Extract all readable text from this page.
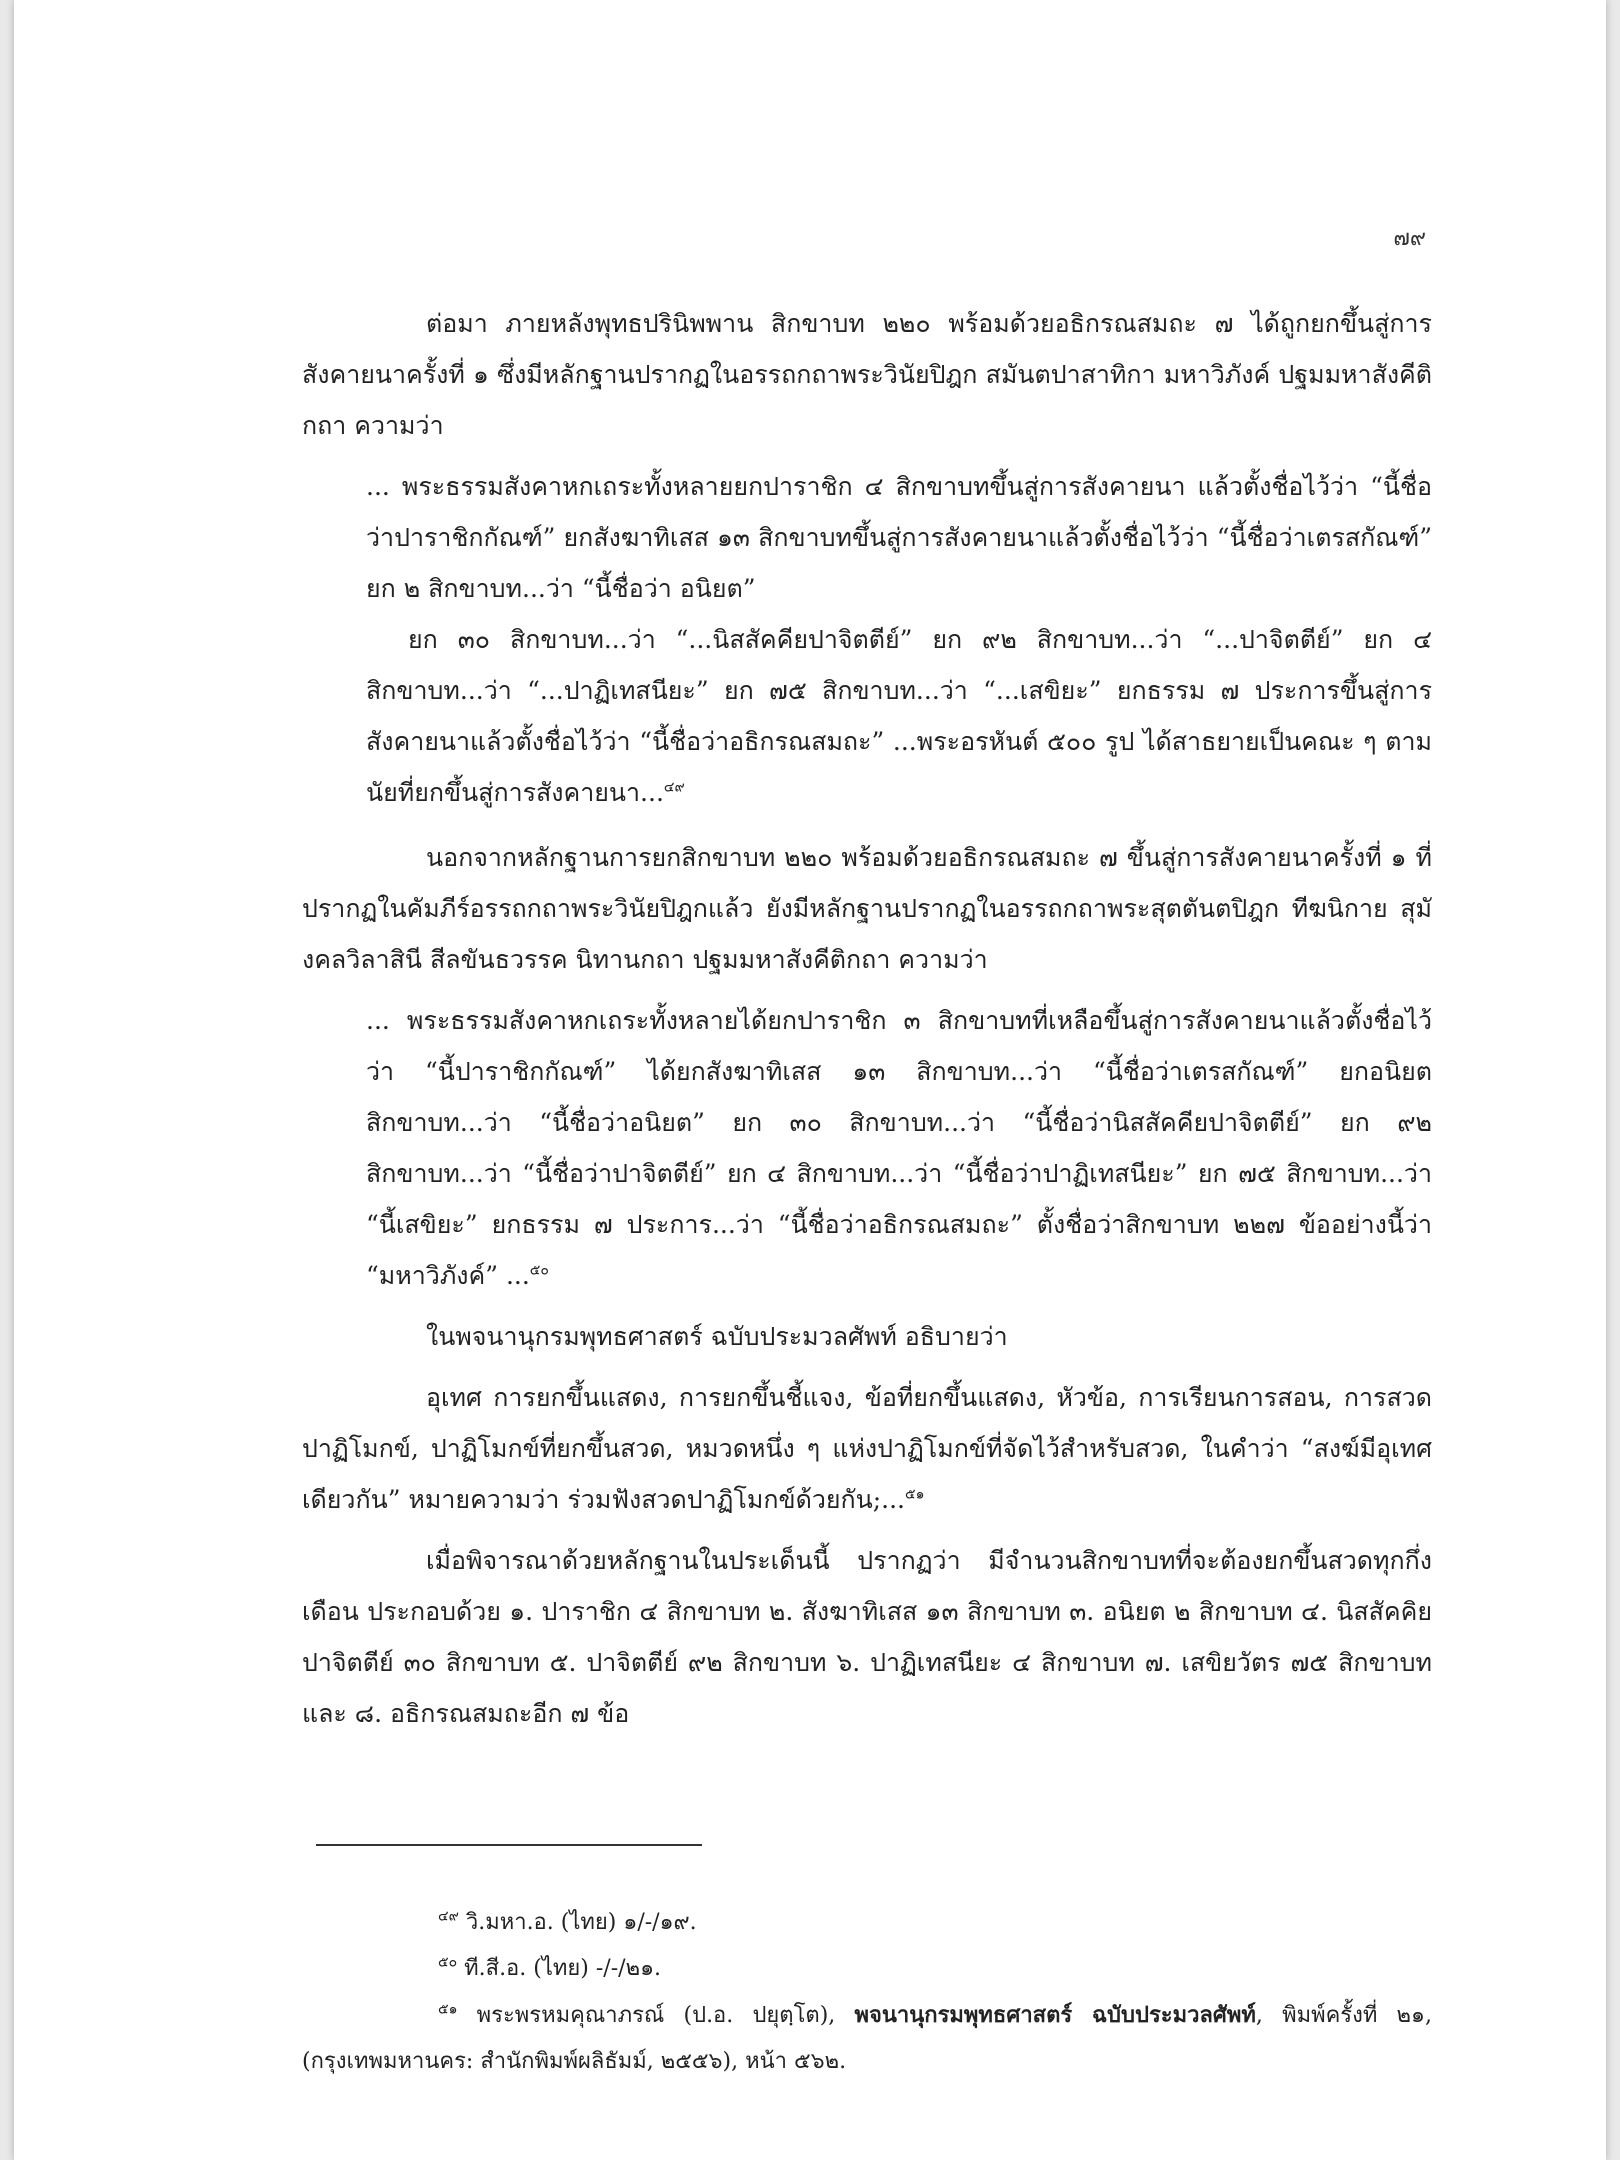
๗๙

ต่อมา ภายหลังพุทธปรินิพพาน สิกขาบท ๒๒๐ พร้อมด้วยอธิกรณสมถะ ๗ ได้ถูกยกขึ้นสู่การสังคายนาครั้งที่ ๑ ซึ่งมีหลักฐานปรากฏในอรรถกถาพระวินัยปิฎก สมันตปาสาทิกา มหาวิภังค์ ปฐมมหาสังคีติกถา ความว่า

... พระธรรมสังคาหกเถระทั้งหลายยกปาราชิก ๔ สิกขาบทขึ้นสู่การสังคายนา แล้วตั้งชื่อไว้ว่า “นี้ชื่อว่าปาราชิกกัณฑ์” ยกสังฆาทิเสส ๑๓ สิกขาบทขึ้นสู่การสังคายนาแล้วตั้งชื่อไว้ว่า “นี้ชื่อว่าเตรสกัณฑ์” ยก ๒ สิกขาบท...ว่า “นี้ชื่อว่า อนิยต”

ยก ๓๐ สิกขาบท...ว่า “...นิสสัคคียปาจิตตีย์” ยก ๙๒ สิกขาบท...ว่า “...ปาจิตตีย์” ยก ๔ สิกขาบท...ว่า “...ปาฏิเทสนียะ” ยก ๗๕ สิกขาบท...ว่า “...เสขิยะ” ยกธรรม ๗ ประการขึ้นสู่การสังคายนาแล้วตั้งชื่อไว้ว่า “นี้ชื่อว่าอธิกรณสมถะ” ...พระอรหันต์ ๕๐๐ รูป ได้สาธยายเป็นคณะ ๆ ตามนัยที่ยกขึ้นสู่การสังคายนา...$^{๔๙}$

นอกจากหลักฐานการยกสิกขาบท ๒๒๐ พร้อมด้วยอธิกรณสมถะ ๗ ขึ้นสู่การสังคายนาครั้งที่ ๑ ที่ปรากฏในคัมภีร์อรรถกถาพระวินัยปิฎกแล้ว ยังมีหลักฐานปรากฏในอรรถกถาพระสุตตันตปิฎก ทีฆนิกาย สุมังคลวิลาสินี สีลขันธวรรค นิทานกถา ปฐมมหาสังคีติกถา ความว่า

... พระธรรมสังคาหกเถระทั้งหลายได้ยกปาราชิก ๓ สิกขาบทที่เหลือขึ้นสู่การสังคายนาแล้วตั้งชื่อไว้ว่า “นี้ปาราชิกกัณฑ์” ได้ยกสังฆาทิเสส ๑๓ สิกขาบท...ว่า “นี้ชื่อว่าเตรสกัณฑ์” ยกอนิยตสิกขาบท...ว่า “นี้ชื่อว่าอนิยต” ยก ๓๐ สิกขาบท...ว่า “นี้ชื่อว่านิสสัคคียปาจิตตีย์” ยก ๙๒ สิกขาบท...ว่า “นี้ชื่อว่าปาจิตตีย์” ยก ๔ สิกขาบท...ว่า “นี้ชื่อว่าปาฏิเทสนียะ” ยก ๗๕ สิกขาบท...ว่า “นี้เสขิยะ” ยกธรรม ๗ ประการ...ว่า “นี้ชื่อว่าอธิกรณสมถะ” ตั้งชื่อว่าสิกขาบท ๒๒๗ ข้ออย่างนี้ว่า “มหาวิภังค์” ...$^{๕๐}$

ในพจนานุกรมพุทธศาสตร์ ฉบับประมวลศัพท์ อธิบายว่า

อุเทศ การยกขึ้นแสดง, การยกขึ้นชี้แจง, ข้อที่ยกขึ้นแสดง, หัวข้อ, การเรียนการสอน, การสวดปาฏิโมกข์, ปาฏิโมกข์ที่ยกขึ้นสวด, หมวดหนึ่ง ๆ แห่งปาฏิโมกข์ที่จัดไว้สำหรับสวด, ในคำว่า “สงฆ์มีอุเทศเดียวกัน” หมายความว่า ร่วมฟังสวดปาฏิโมกข์ด้วยกัน;...$^{๕๑}$

เมื่อพิจารณาด้วยหลักฐานในประเด็นนี้ ปรากฏว่า มีจำนวนสิกขาบทที่จะต้องยกขึ้นสวดทุกกึ่งเดือน ประกอบด้วย ๑. ปาราชิก ๔ สิกขาบท ๒. สังฆาทิเสส ๑๓ สิกขาบท ๓. อนิยต ๒ สิกขาบท ๔. นิสสัคคิยปาจิตตีย์ ๓๐ สิกขาบท ๕. ปาจิตตีย์ ๙๒ สิกขาบท ๖. ปาฏิเทสนียะ ๔ สิกขาบท ๗. เสขิยวัตร ๗๕ สิกขาบท และ ๘. อธิกรณสมถะอีก ๗ ข้อ

$^{๔๙}$ วิ.มหา.อ. (ไทย) ๑/-/๑๙.

$^{๕๐}$ ที.สี.อ. (ไทย) -/-/๒๑.

$^{๕๑}$ พระพรหมคุณาภรณ์ (ป.อ. ปยุตฺโต), พจนานุกรมพุทธศาสตร์ ฉบับประมวลศัพท์, พิมพ์ครั้งที่ ๒๑, (กรุงเทพมหานคร: สำนักพิมพ์ผลิธัมม์, ๒๕๕๖), หน้า ๕๖๒.
